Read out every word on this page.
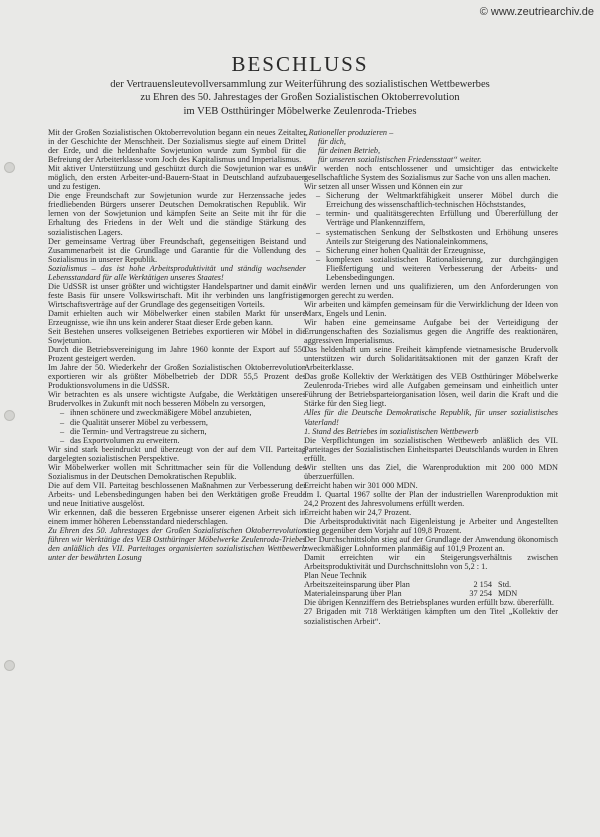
© www.zeutriearchiv.de
BESCHLUSS
der Vertrauensleutevollversammlung zur Weiterführung des sozialistischen Wettbewerbes
zu Ehren des 50. Jahrestages der Großen Sozialistischen Oktoberrevolution
im VEB Ostthüringer Möbelwerke Zeulenroda-Triebes

Mit der Großen Sozialistischen Oktoberrevolution begann ein neues Zeitalter in der Geschichte der Menschheit. Der Sozialismus siegte auf einem Drittel der Erde, und die heldenhafte Sowjetunion wurde zum Symbol für die Befreiung der Arbeiterklasse vom Joch des Kapitalismus und Imperialismus.

Mit aktiver Unterstützung und geschützt durch die Sowjetunion war es uns möglich, den ersten Arbeiter-und-Bauern-Staat in Deutschland aufzubauen und zu festigen.

Die enge Freundschaft zur Sowjetunion wurde zur Herzenssache jedes friedliebenden Bürgers unserer Deutschen Demokratischen Republik. Wir lernen von der Sowjetunion und kämpfen Seite an Seite mit ihr für die Erhaltung des Friedens in der Welt und die ständige Stärkung des sozialistischen Lagers.

Der gemeinsame Vertrag über Freundschaft, gegenseitigen Beistand und Zusammenarbeit ist die Grundlage und Garantie für die Vollendung des Sozialismus in unserer Republik.

Sozialismus – das ist hohe Arbeitsproduktivität und ständig wachsender Lebensstandard für alle Werktätigen unseres Staates!

Die UdSSR ist unser größter und wichtigster Handelspartner und damit eine feste Basis für unsere Volkswirtschaft. Mit ihr verbinden uns langfristige Wirtschaftsverträge auf der Grundlage des gegenseitigen Vorteils.

Damit erhielten auch wir Möbelwerker einen stabilen Markt für unsere Erzeugnisse, wie ihn uns kein anderer Staat dieser Erde geben kann.

Seit Bestehen unseres volkseigenen Betriebes exportieren wir Möbel in die Sowjetunion.

Durch die Betriebsvereinigung im Jahre 1960 konnte der Export auf 550 Prozent gesteigert werden.

Im Jahre der 50. Wiederkehr der Großen Sozialistischen Oktoberrevolution exportieren wir als größter Möbelbetrieb der DDR 55,5 Prozent des Produktionsvolumens in die UdSSR.

Wir betrachten es als unsere wichtigste Aufgabe, die Werktätigen unseres Brudervolkes in Zukunft mit noch besseren Möbeln zu versorgen,

– ihnen schönere und zweckmäßigere Möbel anzubieten,
– die Qualität unserer Möbel zu verbessern,
– die Termin- und Vertragstreue zu sichern,
– das Exportvolumen zu erweitern.

Wir sind stark beeindruckt und überzeugt von der auf dem VII. Parteitag dargelegten sozialistischen Perspektive.

Wir Möbelwerker wollen mit Schrittmacher sein für die Vollendung des Sozialismus in der Deutschen Demokratischen Republik.

Die auf dem VII. Parteitag beschlossenen Maßnahmen zur Verbesserung der Arbeits- und Lebensbedingungen haben bei den Werktätigen große Freude und neue Initiative ausgelöst.

Wir erkennen, daß die besseren Ergebnisse unserer eigenen Arbeit sich in einem immer höheren Lebensstandard niederschlagen.

Zu Ehren des 50. Jahrestages der Großen Sozialistischen Oktoberrevolution führen wir Werktätige des VEB Ostthüringer Möbelwerke Zeulenroda-Triebes den anläßlich des VII. Parteitages organisierten sozialistischen Wettbewerb unter der bewährten Losung

„Rationeller produzieren –

für dich,

für deinen Betrieb,

für unseren sozialistischen Friedensstaat“ weiter.

Wir werden noch entschlossener und umsichtiger das entwickelte gesellschaftliche System des Sozialismus zur Sache von uns allen machen.

Wir setzen all unser Wissen und Können ein zur

– Sicherung der Weltmarktfähigkeit unserer Möbel durch die Erreichung des wissenschaftlich-technischen Höchststandes,
– termin- und qualitätsgerechten Erfüllung und Übererfüllung der Verträge und Plankennziffern,
– systematischen Senkung der Selbstkosten und Erhöhung unseres Anteils zur Steigerung des Nationaleinkommens,
– Sicherung einer hohen Qualität der Erzeugnisse,
– komplexen sozialistischen Rationalisierung, zur durchgängigen Fließfertigung und weiteren Verbesserung der Arbeits- und Lebensbedingungen.

Wir werden lernen und uns qualifizieren, um den Anforderungen von morgen gerecht zu werden.

Wir arbeiten und kämpfen gemeinsam für die Verwirklichung der Ideen von Marx, Engels und Lenin.

Wir haben eine gemeinsame Aufgabe bei der Verteidigung der Errungenschaften des Sozialismus gegen die Angriffe des reaktionären, aggressiven Imperialismus.

Das heldenhaft um seine Freiheit kämpfende vietnamesische Brudervolk unterstützen wir durch Solidaritätsaktionen mit der ganzen Kraft der Arbeiterklasse.

Das große Kollektiv der Werktätigen des VEB Ostthüringer Möbelwerke Zeulenroda-Triebes wird alle Aufgaben gemeinsam und einheitlich unter Führung der Betriebsparteiorganisation lösen, weil darin die Kraft und die Stärke für den Sieg liegt.

Alles für die Deutsche Demokratische Republik, für unser sozialistisches Vaterland!

1. Stand des Betriebes im sozialistischen Wettbewerb

Die Verpflichtungen im sozialistischen Wettbewerb anläßlich des VII. Parteitages der Sozialistischen Einheitspartei Deutschlands wurden in Ehren erfüllt.

Wir stellten uns das Ziel, die Warenproduktion mit 200 000 MDN überzuerfüllen.

Erreicht haben wir 301 000 MDN.

Im I. Quartal 1967 sollte der Plan der industriellen Warenproduktion mit 24,2 Prozent des Jahresvolumens erfüllt werden.

Erreicht haben wir 24,7 Prozent.

Die Arbeitsproduktivität nach Eigenleistung je Arbeiter und Angestellten stieg gegenüber dem Vorjahr auf 109,8 Prozent.

Der Durchschnittslohn stieg auf der Grundlage der Anwendung ökonomisch zweckmäßiger Lohnformen planmäßig auf 101,9 Prozent an.

Damit erreichten wir ein Steigerungsverhältnis zwischen Arbeitsproduktivität und Durchschnittslohn von 5,2 : 1.

Plan Neue Technik

Arbeitszeiteinsparung über Plan	2 154 Std.
Materialeinsparung über Plan	37 254 MDN

Die übrigen Kennziffern des Betriebsplanes wurden erfüllt bzw. übererfüllt.

27 Brigaden mit 718 Werktätigen kämpften um den Titel „Kollektiv der sozialistischen Arbeit“.
